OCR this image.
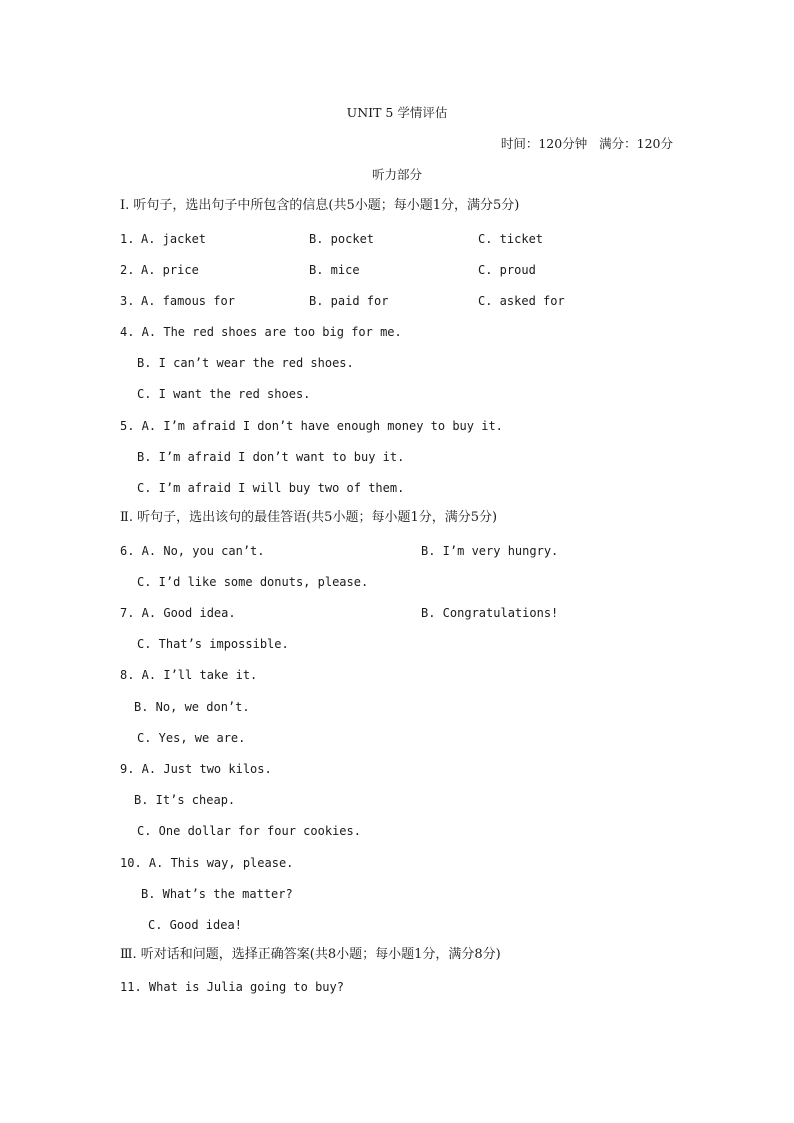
UNIT 5 学情评估
时间：120分钟   满分：120分
听力部分
Ⅰ. 听句子，选出句子中所包含的信息(共5小题；每小题1分，满分5分)
1. A. jacket	B. pocket	C. ticket
2. A. price	B. mice	C. proud
3. A. famous for	B. paid for	C. asked for
4. A. The red shoes are too big for me.
B. I can’t wear the red shoes.
C. I want the red shoes.
5. A. I’m afraid I don’t have enough money to buy it.
B. I’m afraid I don’t want to buy it.
C. I’m afraid I will buy two of them.
Ⅱ. 听句子，选出该句的最佳答语(共5小题；每小题1分，满分5分)
6. A. No, you can’t.	B. I’m very hungry.
C. I’d like some donuts, please.
7. A. Good idea.	B. Congratulations!
C. That’s impossible.
8. A. I’ll take it.
B. No, we don’t.
C. Yes, we are.
9. A. Just two kilos.
B. It’s cheap.
C. One dollar for four cookies.
10. A. This way, please.
B. What’s the matter?
C. Good idea!
Ⅲ. 听对话和问题，选择正确答案(共8小题；每小题1分，满分8分)
11. What is Julia going to buy?
